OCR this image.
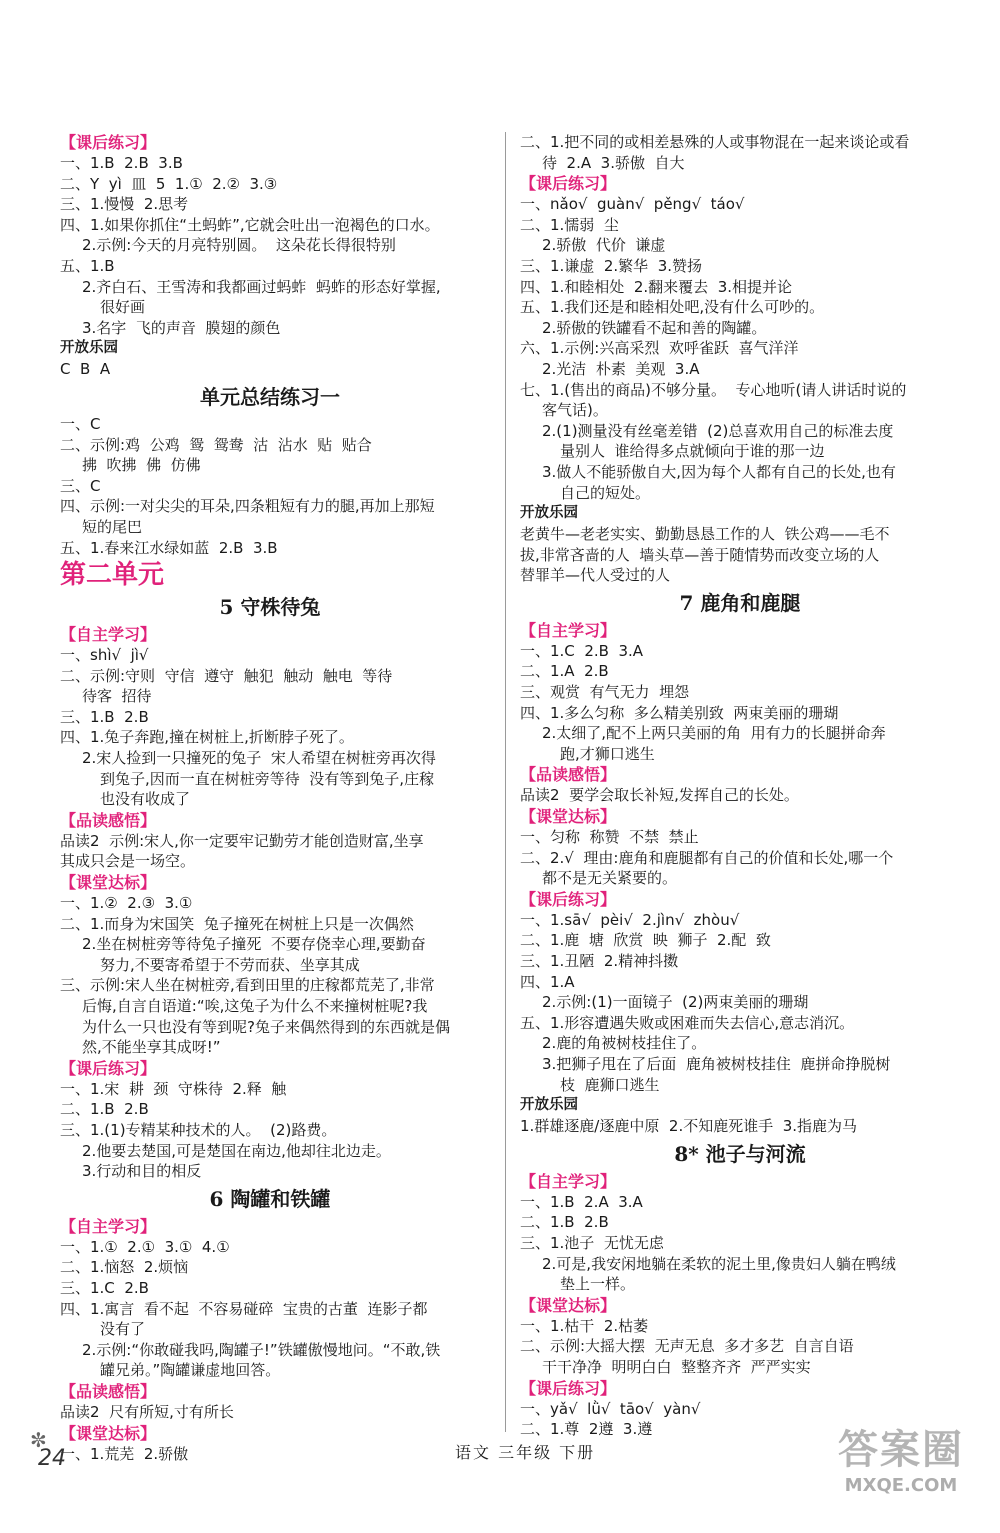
【课后练习】
一、1.B  2.B  3.B
二、Y  yì  皿  5  1.①  2.②  3.③
三、1.慢慢  2.思考
四、1.如果你抓住“土蚂蚱”,它就会吐出一泡褐色的口水。
2.示例:今天的月亮特别圆。  这朵花长得很特别
五、1.B
2.齐白石、王雪涛和我都画过蚂蚱  蚂蚱的形态好掌握,
很好画
3.名字  飞的声音  膜翅的颜色
开放乐园
C  B  A
单元总结练习一
一、C
二、示例:鸡  公鸡  鸳  鸳鸯  沽  沾水  贴  贴合
拂  吹拂  佛  仿佛
三、C
四、示例:一对尖尖的耳朵,四条粗短有力的腿,再加上那短
短的尾巴
五、1.春来江水绿如蓝  2.B  3.B
第二单元
5 守株待兔
【自主学习】
一、shì√  jì√
二、示例:守则  守信  遵守  触犯  触动  触电  等待
待客  招待
三、1.B  2.B
四、1.兔子奔跑,撞在树桩上,折断脖子死了。
2.宋人捡到一只撞死的兔子  宋人希望在树桩旁再次得
到兔子,因而一直在树桩旁等待  没有等到兔子,庄稼
也没有收成了
【品读感悟】
品读2  示例:宋人,你一定要牢记勤劳才能创造财富,坐享
其成只会是一场空。
【课堂达标】
一、1.②  2.③  3.①
二、1.而身为宋国笑  兔子撞死在树桩上只是一次偶然
2.坐在树桩旁等待兔子撞死  不要存侥幸心理,要勤奋
努力,不要寄希望于不劳而获、坐享其成
三、示例:宋人坐在树桩旁,看到田里的庄稼都荒芜了,非常
后悔,自言自语道:“唉,这兔子为什么不来撞树桩呢?我
为什么一只也没有等到呢?兔子来偶然得到的东西就是偶
然,不能坐享其成呀!”
【课后练习】
一、1.宋  耕  颈  守株待  2.释  触
二、1.B  2.B
三、1.(1)专精某种技术的人。  (2)路费。
2.他要去楚国,可是楚国在南边,他却往北边走。
3.行动和目的相反
6 陶罐和铁罐
【自主学习】
一、1.①  2.①  3.①  4.①
二、1.恼怒  2.烦恼
三、1.C  2.B
四、1.寓言  看不起  不容易碰碎  宝贵的古董  连影子都
没有了
2.示例:“你敢碰我吗,陶罐子!”铁罐傲慢地问。“不敢,铁
罐兄弟。”陶罐谦虚地回答。
【品读感悟】
品读2  尺有所短,寸有所长
【课堂达标】
一、1.荒芜  2.骄傲
二、1.把不同的或相差悬殊的人或事物混在一起来谈论或看
待  2.A  3.骄傲  自大
【课后练习】
一、nǎo√  guàn√  pěng√  táo√
二、1.懦弱  尘
2.骄傲  代价  谦虚
三、1.谦虚  2.繁华  3.赞扬
四、1.和睦相处  2.翻来覆去  3.相提并论
五、1.我们还是和睦相处吧,没有什么可吵的。
2.骄傲的铁罐看不起和善的陶罐。
六、1.示例:兴高采烈  欢呼雀跃  喜气洋洋
2.光洁  朴素  美观  3.A
七、1.(售出的商品)不够分量。  专心地听(请人讲话时说的
客气话)。
2.(1)测量没有丝毫差错  (2)总喜欢用自己的标准去度
量别人  谁给得多点就倾向于谁的那一边
3.做人不能骄傲自大,因为每个人都有自己的长处,也有
自己的短处。
开放乐园
老黄牛—老老实实、勤勤恳恳工作的人  铁公鸡——毛不
拔,非常吝啬的人  墙头草—善于随情势而改变立场的人
替罪羊—代人受过的人
7 鹿角和鹿腿
【自主学习】
一、1.C  2.B  3.A
二、1.A  2.B
三、观赏  有气无力  埋怨
四、1.多么匀称  多么精美别致  两束美丽的珊瑚
2.太细了,配不上两只美丽的角  用有力的长腿拼命奔
跑,才狮口逃生
【品读感悟】
品读2  要学会取长补短,发挥自己的长处。
【课堂达标】
一、匀称  称赞  不禁  禁止
二、2.√  理由:鹿角和鹿腿都有自己的价值和长处,哪一个
都不是无关紧要的。
【课后练习】
一、1.sā√  pèi√  2.jìn√  zhòu√
二、1.鹿  塘  欣赏  映  狮子  2.配  致
三、1.丑陋  2.精神抖擞
四、1.A
2.示例:(1)一面镜子  (2)两束美丽的珊瑚
五、1.形容遭遇失败或困难而失去信心,意志消沉。
2.鹿的角被树枝挂住了。
3.把狮子甩在了后面  鹿角被树枝挂住  鹿拼命挣脱树
枝  鹿狮口逃生
开放乐园
1.群雄逐鹿/逐鹿中原  2.不知鹿死谁手  3.指鹿为马
8* 池子与河流
【自主学习】
一、1.B  2.A  3.A
二、1.B  2.B
三、1.池子  无忧无虑
2.可是,我安闲地躺在柔软的泥土里,像贵妇人躺在鸭绒
垫上一样。
【课堂达标】
一、1.枯干  2.枯萎
二、示例:大摇大摆  无声无息  多才多艺  自言自语
干干净净  明明白白  整整齐齐  严严实实
【课后练习】
一、yǎ√  lǜ√  tāo√  yàn√
二、1.尊  2遵  3.遵
✼
24	语文 三年级 下册	答案圈
MXQE.COM
